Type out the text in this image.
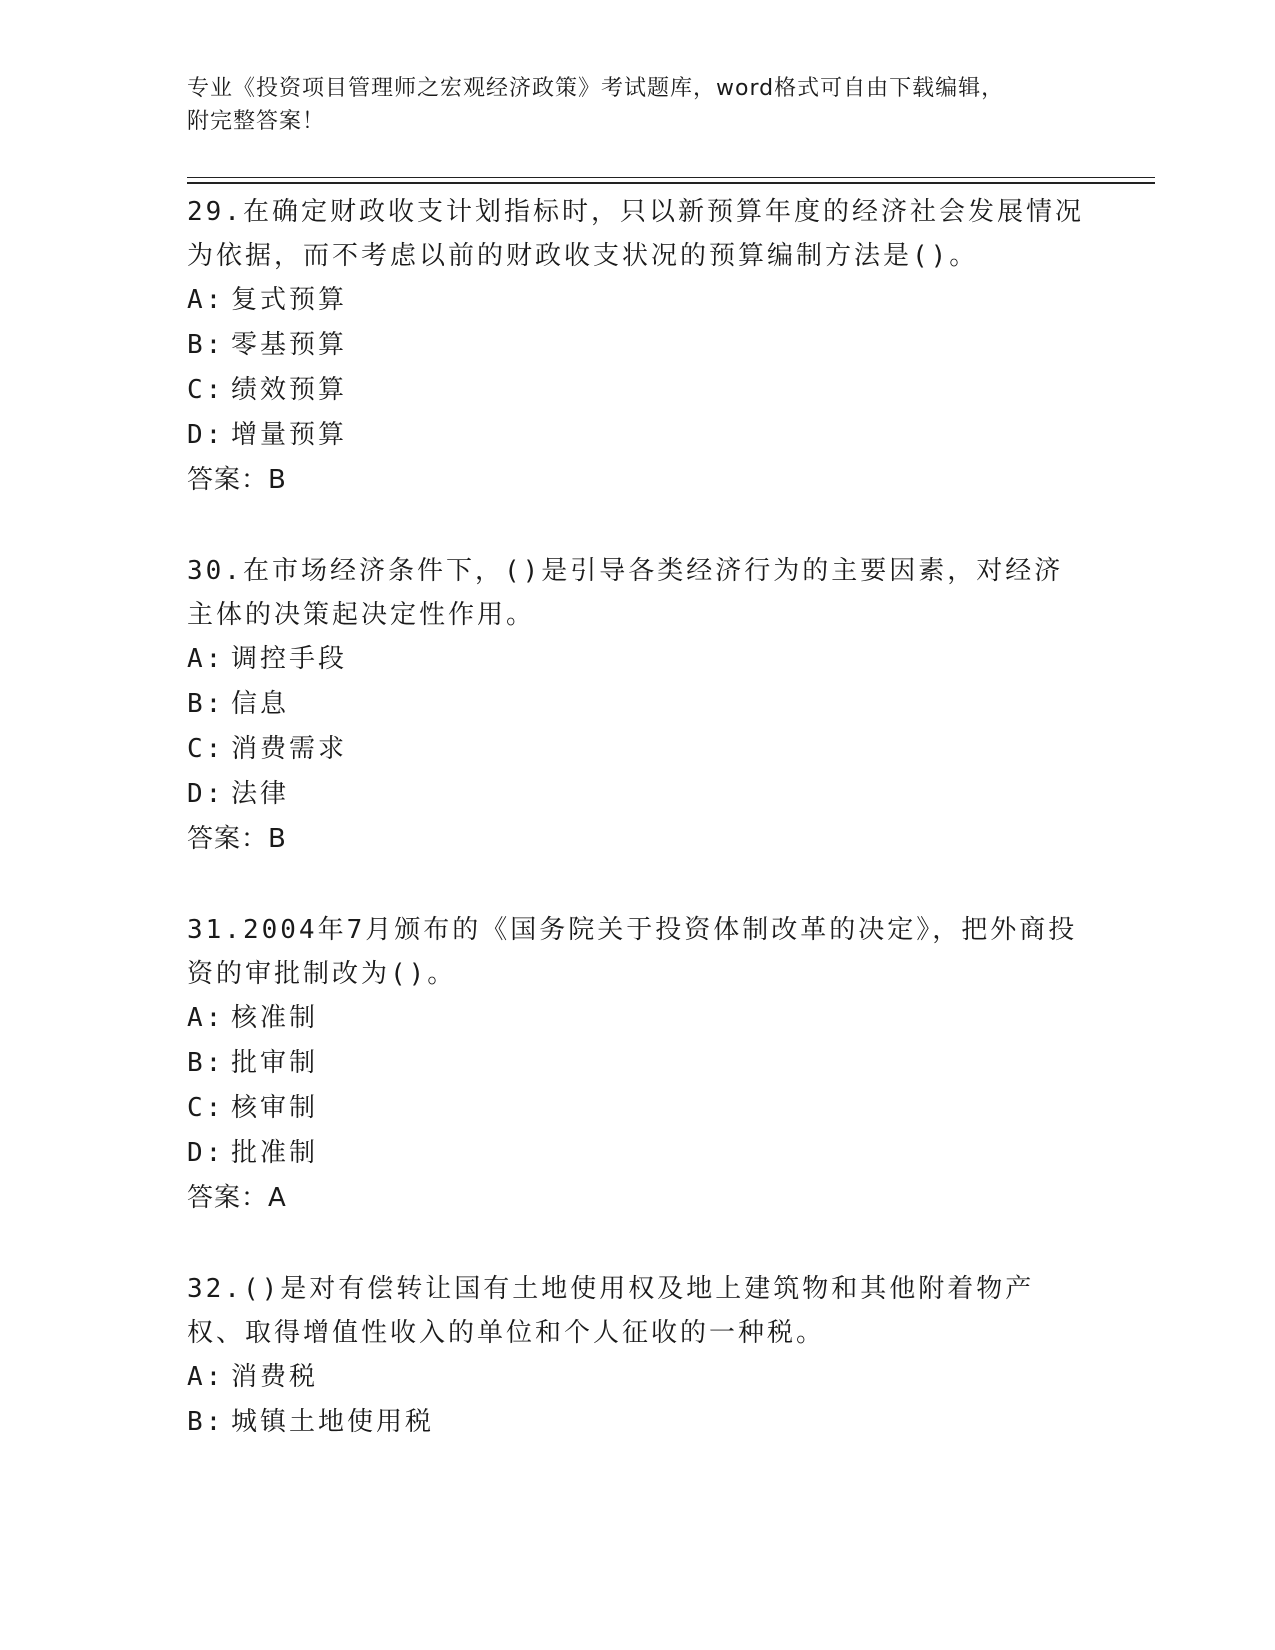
专业《投资项目管理师之宏观经济政策》考试题库，word格式可自由下载编辑，
附完整答案！
29.在确定财政收支计划指标时，只以新预算年度的经济社会发展情况为依据，而不考虑以前的财政收支状况的预算编制方法是()。
A: 复式预算
B: 零基预算
C: 绩效预算
D: 增量预算
答案：B
30.在市场经济条件下，()是引导各类经济行为的主要因素，对经济主体的决策起决定性作用。
A: 调控手段
B: 信息
C: 消费需求
D: 法律
答案：B
31.2004年7月颁布的《国务院关于投资体制改革的决定》，把外商投资的审批制改为()。
A: 核准制
B: 批审制
C: 核审制
D: 批准制
答案：A
32.()是对有偿转让国有土地使用权及地上建筑物和其他附着物产权、取得增值性收入的单位和个人征收的一种税。
A: 消费税
B: 城镇土地使用税
